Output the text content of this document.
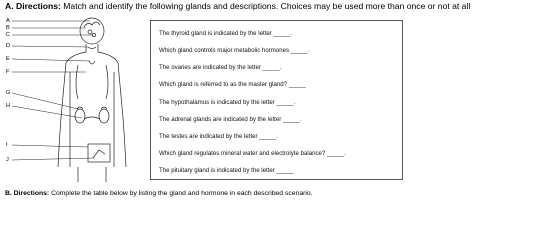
A. Directions: Match and identify the following glands and descriptions. Choices may be used more than once or not at all
A
B
C
D
E
F
G
H
I
J
The thyroid gland is indicated by the letter _____.
Which gland controls major metabolic hormones _____.
The ovaries are indicated by the letter _____.
Which gland is referred to as the master gland? _____
The hypothalamus is indicated by the letter _____.
The adrenal glands are indicated by the letter _____.
The testes are indicated by the letter _____.
Which gland regulates mineral water and electrolyte balance? _____.
The pituitary gland is indicated by the letter _____
B. Directions: Complete the table below by listing the gland and hormone in each described scenario.
